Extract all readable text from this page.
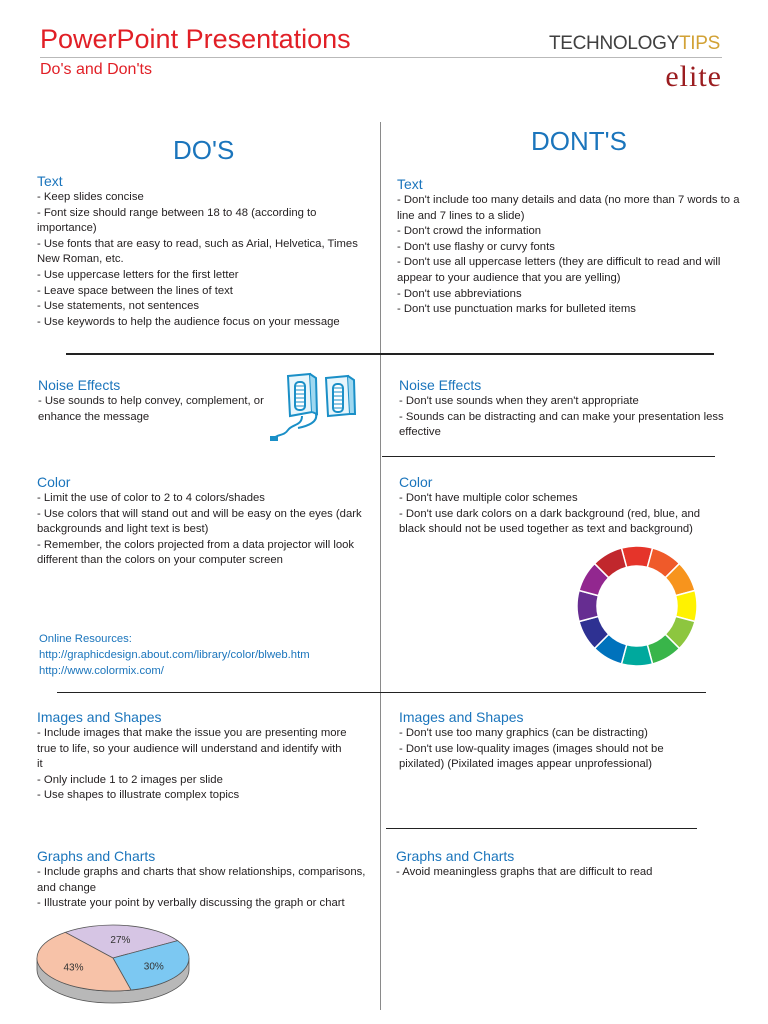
PowerPoint Presentations
Do's and Don'ts
TECHNOLOGYTIPS
elite
DO'S	DONT'S
Text
- Keep slides concise
- Font size should range between 18 to 48 (according to importance)
- Use fonts that are easy to read, such as Arial, Helvetica, Times New Roman, etc.
- Use uppercase letters for the first letter
- Leave space between the lines of text
- Use statements, not sentences
- Use keywords to help the audience focus on your message
Text
- Don't include too many details and data (no more than 7 words to a line and 7 lines to a slide)
- Don't crowd the information
- Don't use flashy or curvy fonts
- Don't use all uppercase letters (they are difficult to read and will appear to your audience that you are yelling)
- Don't use abbreviations
- Don't use punctuation marks for bulleted items
Noise Effects
- Use sounds to help convey, complement, or enhance the message
Noise Effects
- Don't use sounds when they aren't appropriate
- Sounds can be distracting and can make your presentation less effective
Color
- Limit the use of color to 2 to 4 colors/shades
- Use colors that will stand out and will be easy on the eyes (dark backgrounds and light text is best)
- Remember, the colors projected from a data projector will look different than the colors on your computer screen
Online Resources:
http://graphicdesign.about.com/library/color/blweb.htm
http://www.colormix.com/
Color
- Don't have multiple color schemes
- Don't use dark colors on a dark background (red, blue, and black should not be used together as text and background)
Images and Shapes
- Include images that make the issue you are presenting more true to life, so your audience will understand and identify with it
- Only include 1 to 2 images per slide
- Use shapes to illustrate complex topics
Images and Shapes
- Don't use too many graphics (can be distracting)
- Don't use low-quality images (images should not be pixilated) (Pixilated images appear unprofessional)
Graphs and Charts
- Include graphs and charts that show relationships, comparisons, and change
- Illustrate your point by verbally discussing the graph or chart
27%
30%
43%
Graphs and Charts
- Avoid meaningless graphs that are difficult to read
